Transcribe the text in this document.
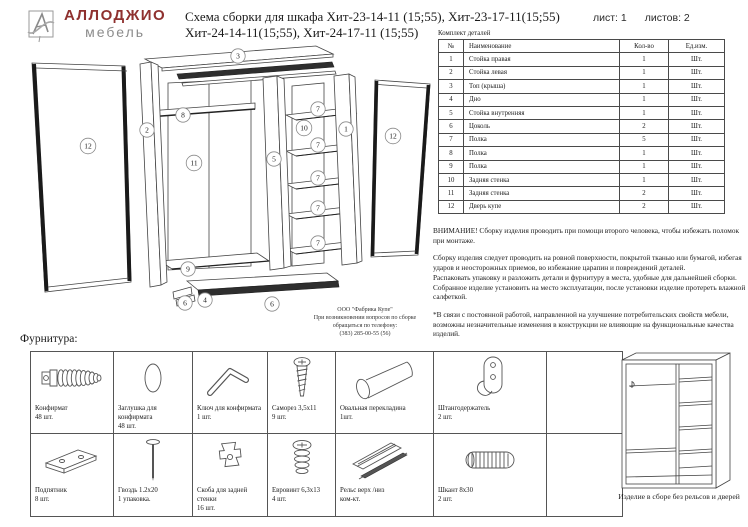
АЛЛОДЖИО
мебель
Схема сборки для шкафа Хит-23-14-11 (15;55), Хит-23-17-11(15;55)
Хит-24-14-11(15;55), Хит-24-17-11 (15;55)
лист: 1 листов: 2
3
12
2
8
11
9
5
10
7
7
7
7
7
1
12
6 4	6
ООО "Фабрика Купе"
При возникновении вопросов по сборке
обращаться по телефону:
(383) 285-00-55 (56)
Комплект деталей
№	Наименование	Кол-во	Ед.изм.
1	Стойка правая	1	Шт.
2	Стойка левая	1	Шт.
3	Топ (крыша)	1	Шт.
4	Дно	1	Шт.
5	Стойка внутренняя	1	Шт.
6	Цоколь	2	Шт.
7	Полка	5	Шт.
8	Полка	1	Шт.
9	Полка	1	Шт.
10	Задняя стенка	1	Шт.
11	Задняя стенка	2	Шт.
12	Дверь купе	2	Шт.
ВНИМАНИЕ! Сборку изделия проводить при помощи второго человека, чтобы избежать поломок при монтаже.
Сборку изделия следует проводить на ровной поверхности, покрытой тканью или бумагой, избегая ударов и неосторожных приемов, во избежание царапин и повреждений деталей.
Распаковать упаковку и разложить детали и фурнитуру в места, удобные для дальнейшей сборки.
Собранное изделие установить на место эксплуатации, после установки изделие протереть влажной салфеткой.
*В связи с постоянной работой, направленной на улучшение потребительских свойств мебели, возможны незначительные изменения в конструкции не влияющие на функциональные качества изделий.
Фурнитура:
Конфирмат
48 шт.

Заглушка для конфирмата
48 шт.

Ключ для конфирмата
1 шт.

Саморез 3,5х11
9 шт.

Овальная перекладина
1шт.

Штангодержатель
2 шт.

Подпятник
8 шт.

Гвоздь 1.2х20
1 упаковка.

Скоба для задней стенки
16 шт.

Евровинт 6,3х13
4 шт.

Рельс верх /низ
ком-кт.

Шкант 8х30
2 шт.
		Изделие в сборе без рельсов и дверей
